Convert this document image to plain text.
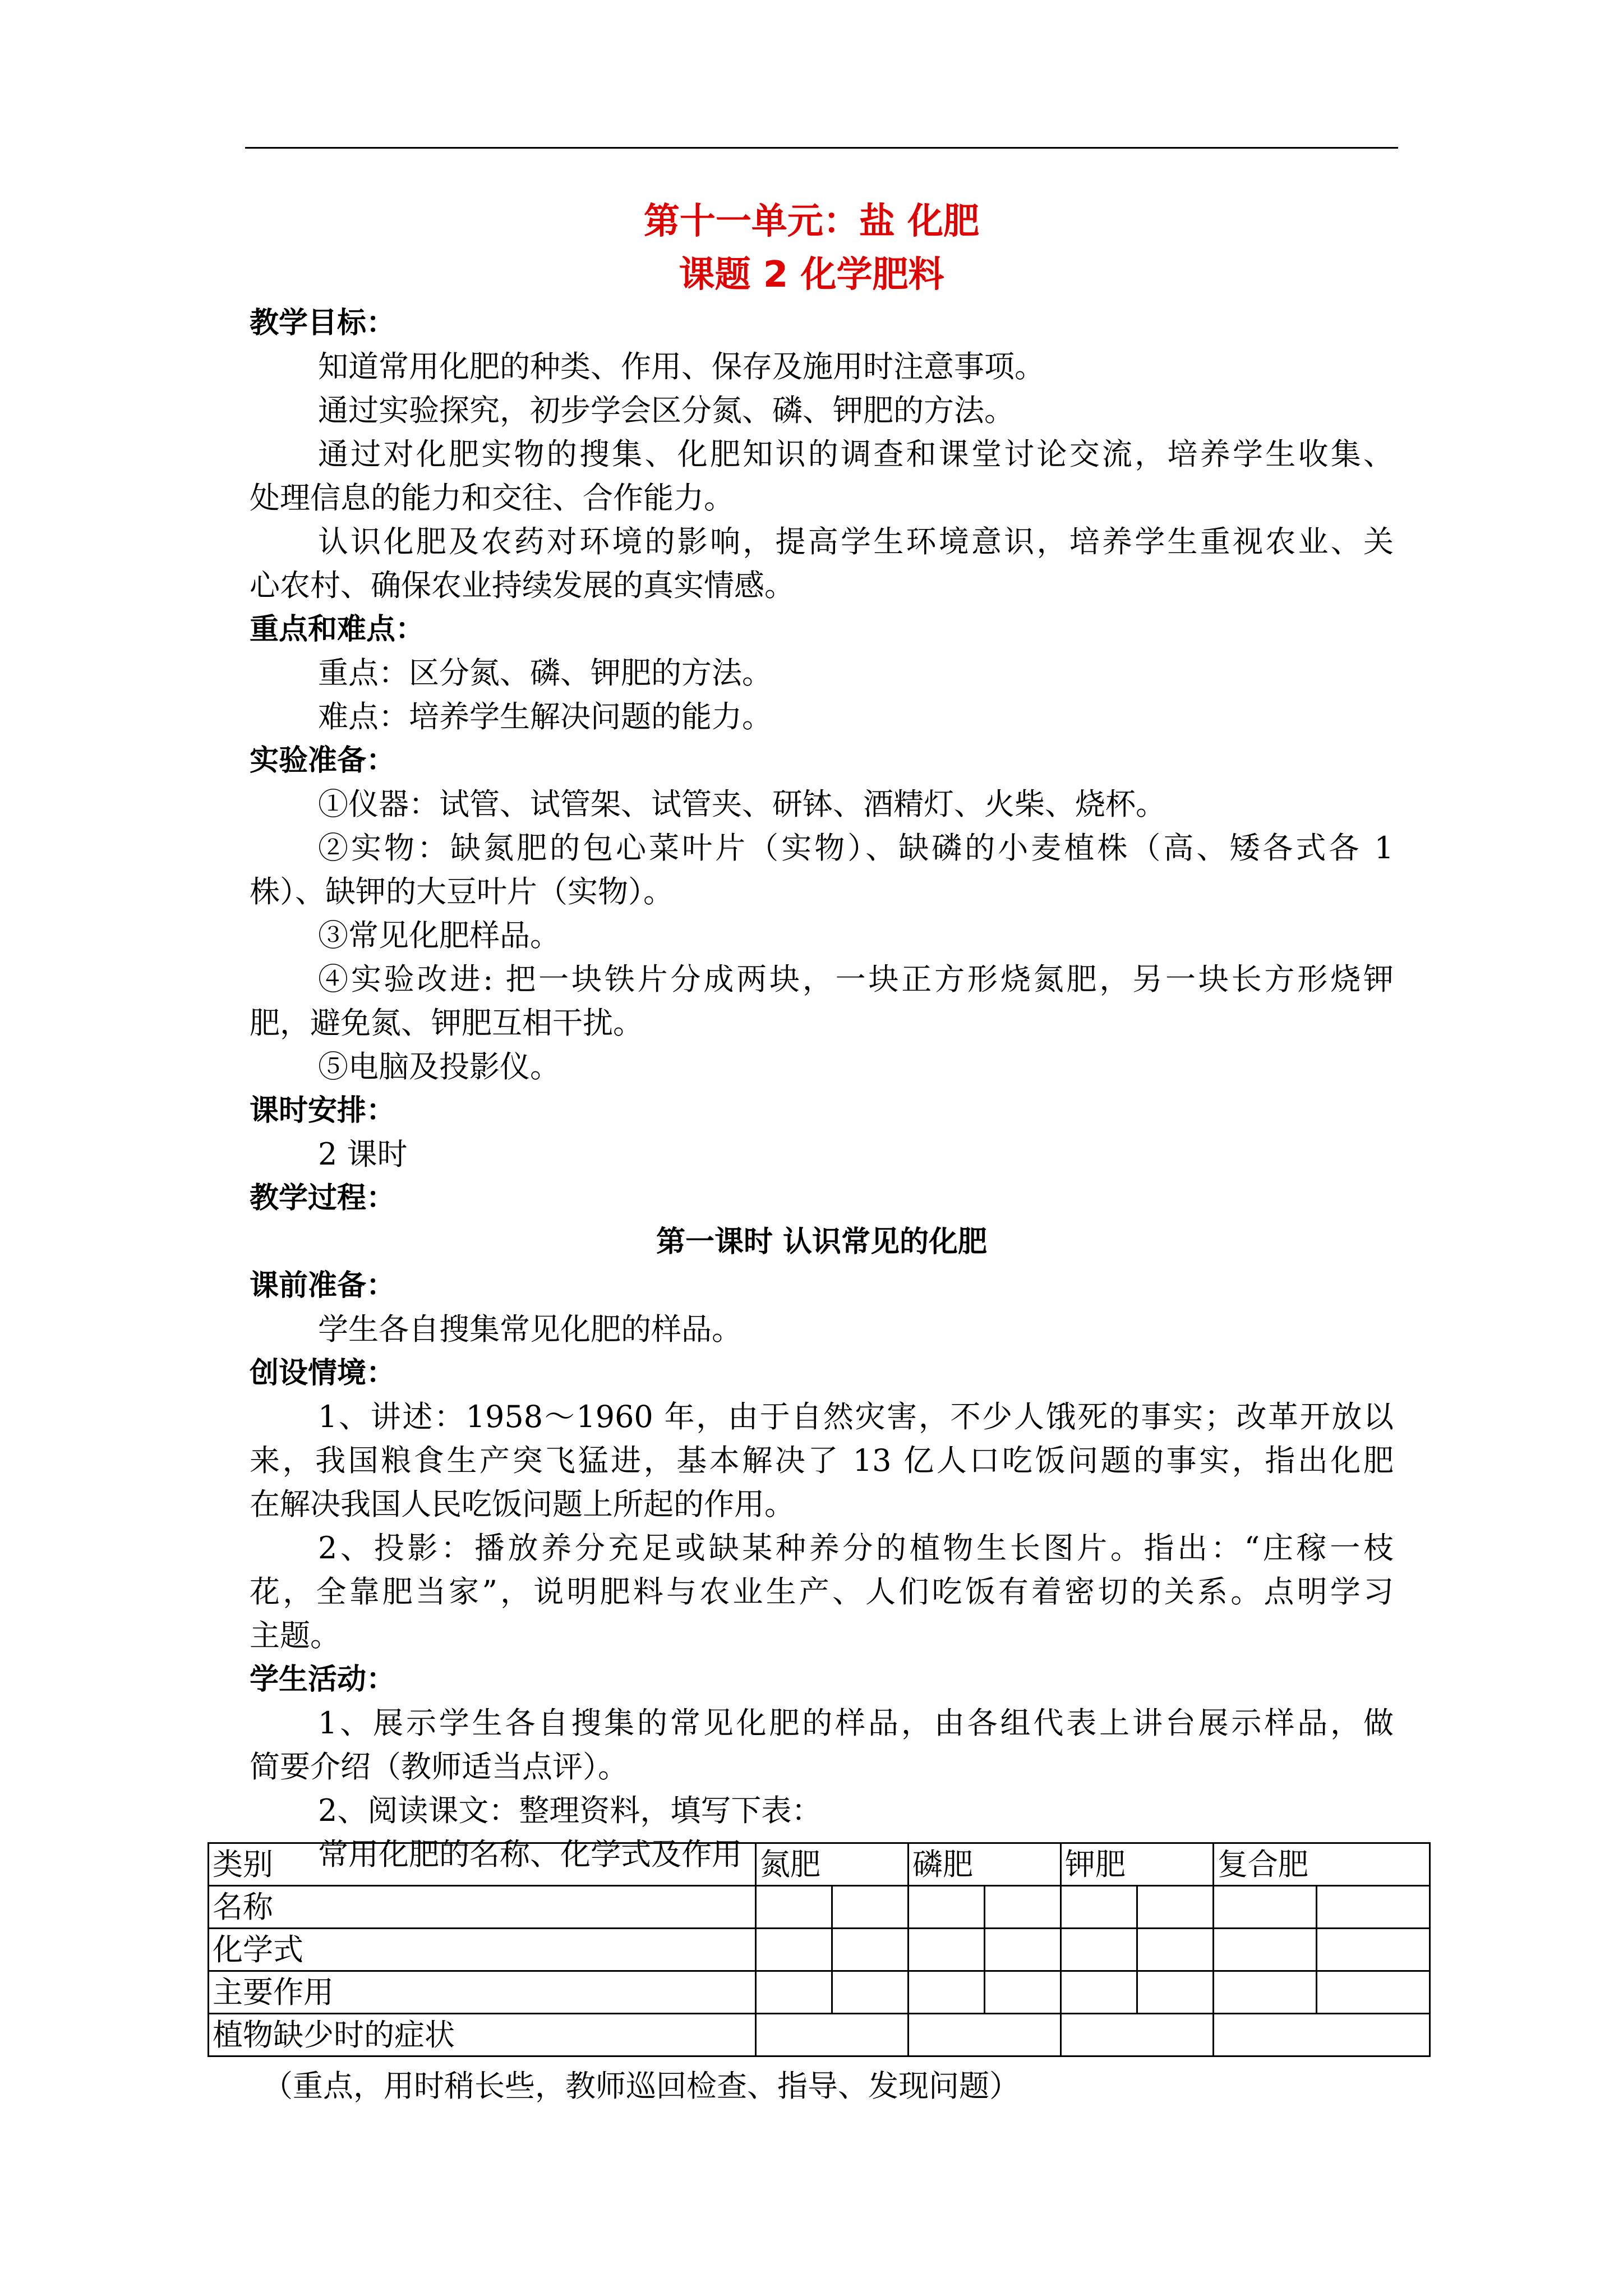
第十一单元：盐 化肥
课题 2 化学肥料
教学目标：
知道常用化肥的种类、作用、保存及施用时注意事项。
通过实验探究，初步学会区分氮、磷、钾肥的方法。
通过对化肥实物的搜集、化肥知识的调查和课堂讨论交流，培养学生收集、
处理信息的能力和交往、合作能力。
认识化肥及农药对环境的影响，提高学生环境意识，培养学生重视农业、关
心农村、确保农业持续发展的真实情感。
重点和难点：
重点：区分氮、磷、钾肥的方法。
难点：培养学生解决问题的能力。
实验准备：
①仪器：试管、试管架、试管夹、研钵、酒精灯、火柴、烧杯。
②实物：缺氮肥的包心菜叶片（实物）、缺磷的小麦植株（高、矮各式各 1
株）、缺钾的大豆叶片（实物）。
③常见化肥样品。
④实验改进: 把一块铁片分成两块，一块正方形烧氮肥，另一块长方形烧钾
肥，避免氮、钾肥互相干扰。
⑤电脑及投影仪。
课时安排：
2 课时
教学过程：
第一课时 认识常见的化肥
课前准备：
学生各自搜集常见化肥的样品。
创设情境：
1、讲述：1958～1960 年，由于自然灾害，不少人饿死的事实；改革开放以
来，我国粮食生产突飞猛进，基本解决了 13 亿人口吃饭问题的事实，指出化肥
在解决我国人民吃饭问题上所起的作用。
2、投影：播放养分充足或缺某种养分的植物生长图片。指出：“庄稼一枝
花，全靠肥当家”，说明肥料与农业生产、人们吃饭有着密切的关系。点明学习
主题。
学生活动：
1、展示学生各自搜集的常见化肥的样品，由各组代表上讲台展示样品，做
简要介绍（教师适当点评）。
2、阅读课文：整理资料，填写下表：
常用化肥的名称、化学式及作用
类别	氮肥		磷肥		钾肥		复合肥	
名称								
化学式								
主要作用								
植物缺少时的症状								
（重点，用时稍长些，教师巡回检查、指导、发现问题）
